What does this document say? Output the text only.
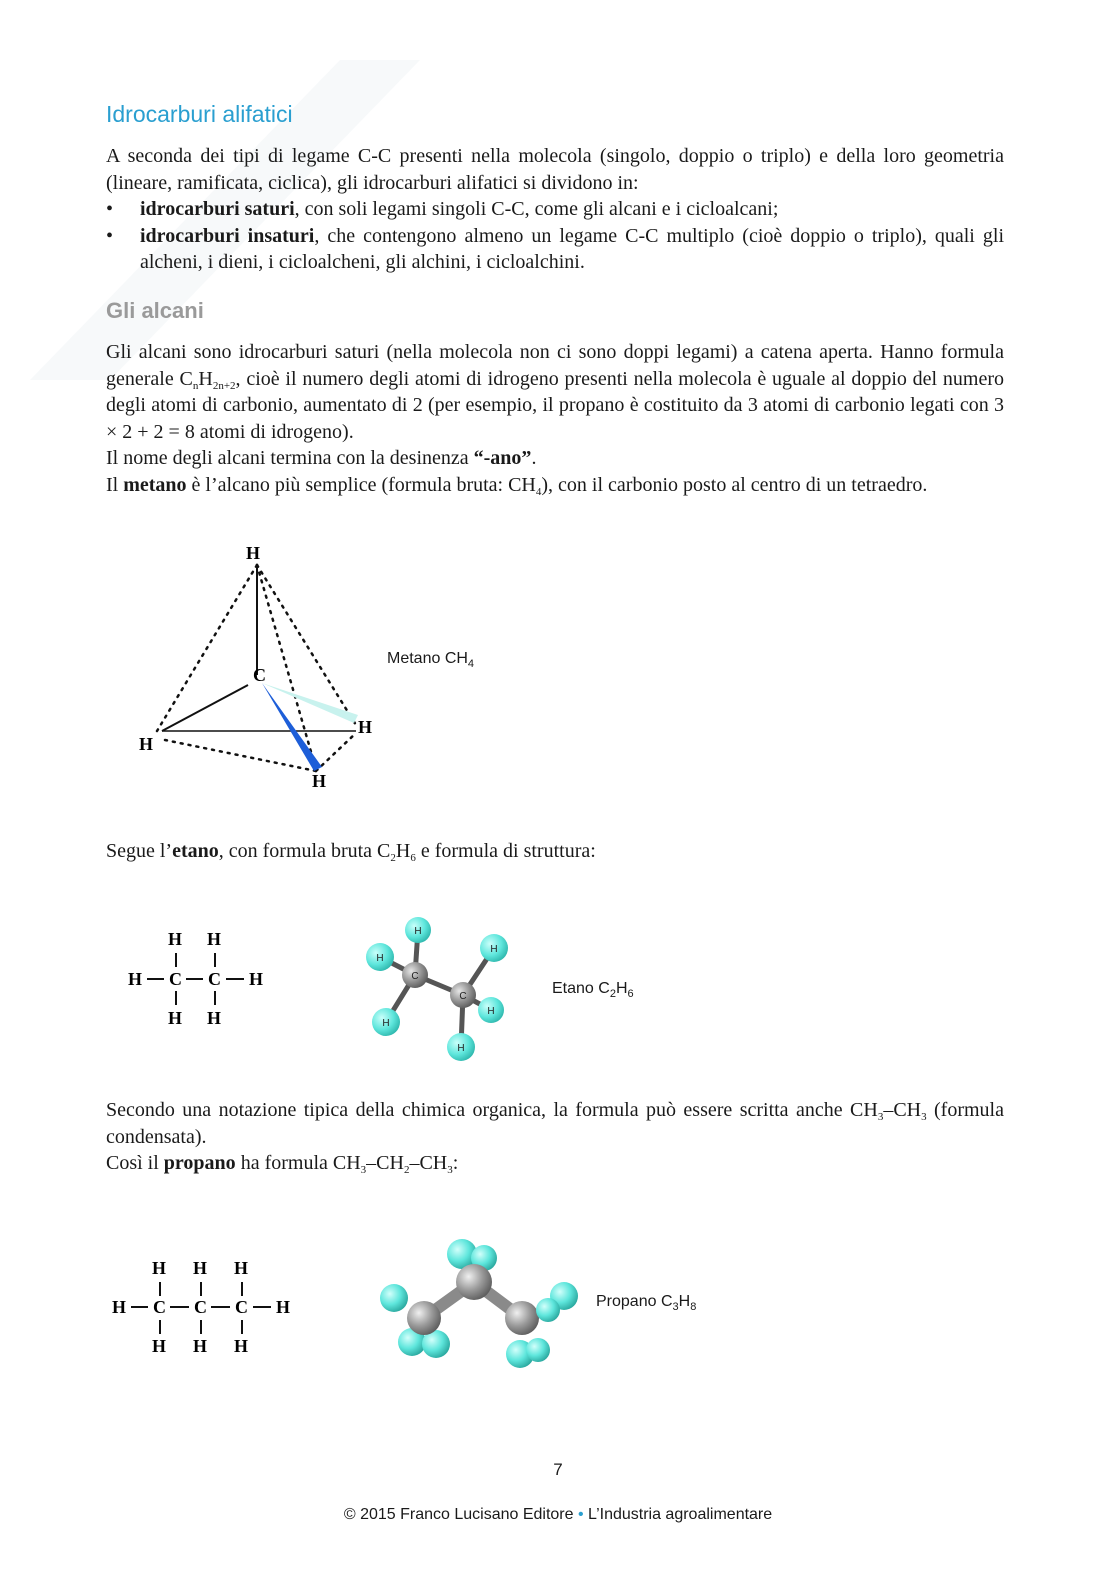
Idrocarburi alifatici
A seconda dei tipi di legame C-C presenti nella molecola (singolo, doppio o triplo) e della loro geometria (lineare, ramificata, ciclica), gli idrocarburi alifatici si dividono in:
• idrocarburi saturi, con soli legami singoli C-C, come gli alcani e i cicloalcani;
• idrocarburi insaturi, che contengono almeno un legame C-C multiplo (cioè doppio o triplo), quali gli alcheni, i dieni, i cicloalcheni, gli alchini, i cicloalchini.
Gli alcani
Gli alcani sono idrocarburi saturi (nella molecola non ci sono doppi legami) a catena aperta. Hanno formula generale $C_nH_{2n+2}$, cioè il numero degli atomi di idrogeno presenti nella molecola è uguale al doppio del numero degli atomi di carbonio, aumentato di 2 (per esempio, il propano è costituito da 3 atomi di carbonio legati con 3 × 2 + 2 = 8 atomi di idrogeno).
Il nome degli alcani termina con la desinenza “-ano”.
Il metano è l’alcano più semplice (formula bruta: $CH_4$), con il carbonio posto al centro di un tetraedro.
H
C
H
H
H
Metano $CH_4$
Segue l’etano, con formula bruta $C_2H_6$ e formula di struttura:
H H
H C C H
H H
H
H
H
C
C
H
H
H
Etano $C_2H_6$
Secondo una notazione tipica della chimica organica, la formula può essere scritta anche $CH_3-CH_3$ (formula condensata).
Così il propano ha formula $CH_3-CH_2-CH_3$:
H H H
H C C C H
H H H
Propano $C_3H_8$
7
© 2015 Franco Lucisano Editore • L’Industria agroalimentare
